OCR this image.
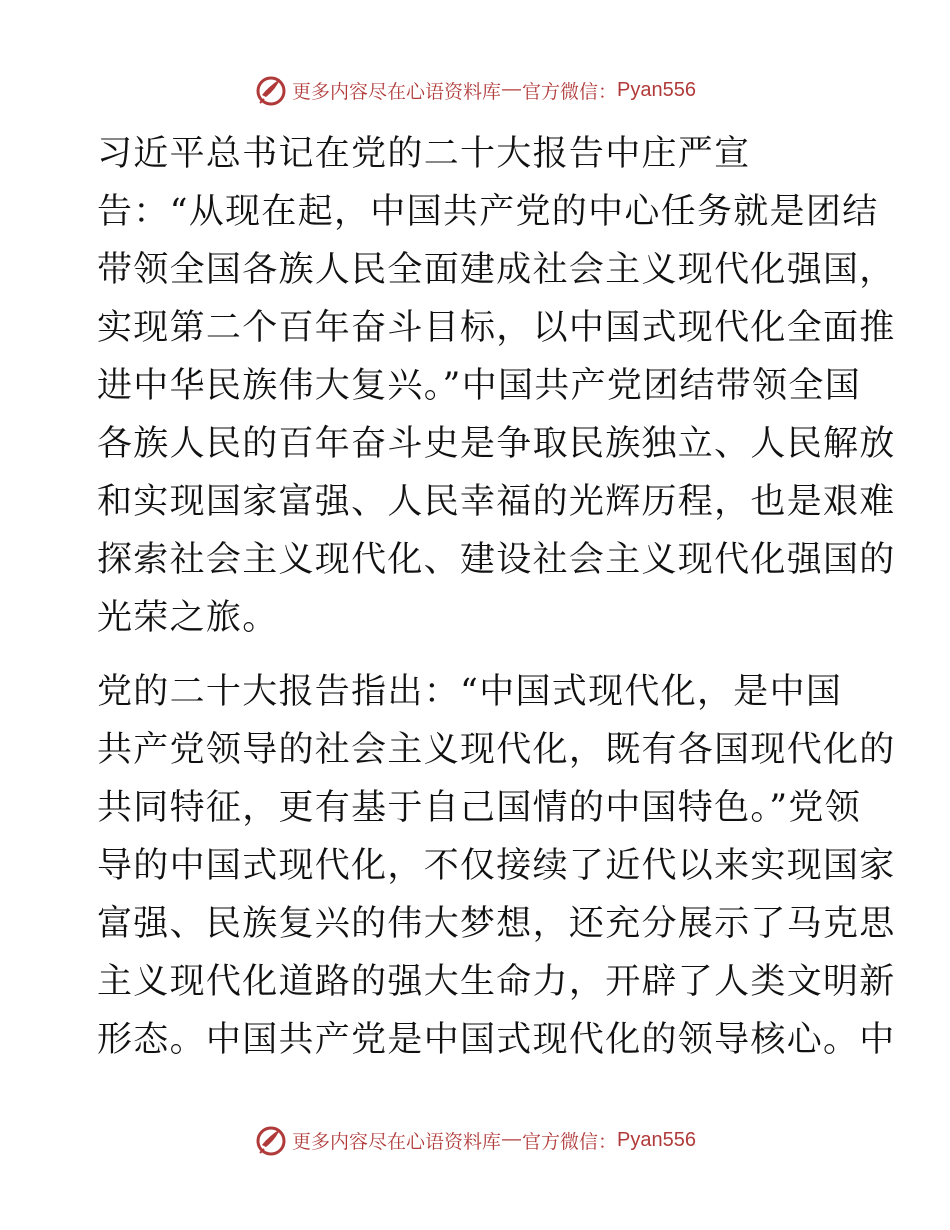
更多内容尽在心语资料库 — 官方微信： Pyan556

习近平总书记在党的二十大报告中庄严宣
告：“从现在起，中国共产党的中心任务就是团结
带领全国各族人民全面建成社会主义现代化强国，
实现第二个百年奋斗目标，以中国式现代化全面推
进中华民族伟大复兴。”中国共产党团结带领全国
各族人民的百年奋斗史是争取民族独立、人民解放
和实现国家富强、人民幸福的光辉历程，也是艰难
探索社会主义现代化、建设社会主义现代化强国的
光荣之旅。

党的二十大报告指出：“中国式现代化，是中国
共产党领导的社会主义现代化，既有各国现代化的
共同特征，更有基于自己国情的中国特色。”党领
导的中国式现代化，不仅接续了近代以来实现国家
富强、民族复兴的伟大梦想，还充分展示了马克思
主义现代化道路的强大生命力，开辟了人类文明新
形态。中国共产党是中国式现代化的领导核心。中

更多内容尽在心语资料库 — 官方微信： Pyan556
